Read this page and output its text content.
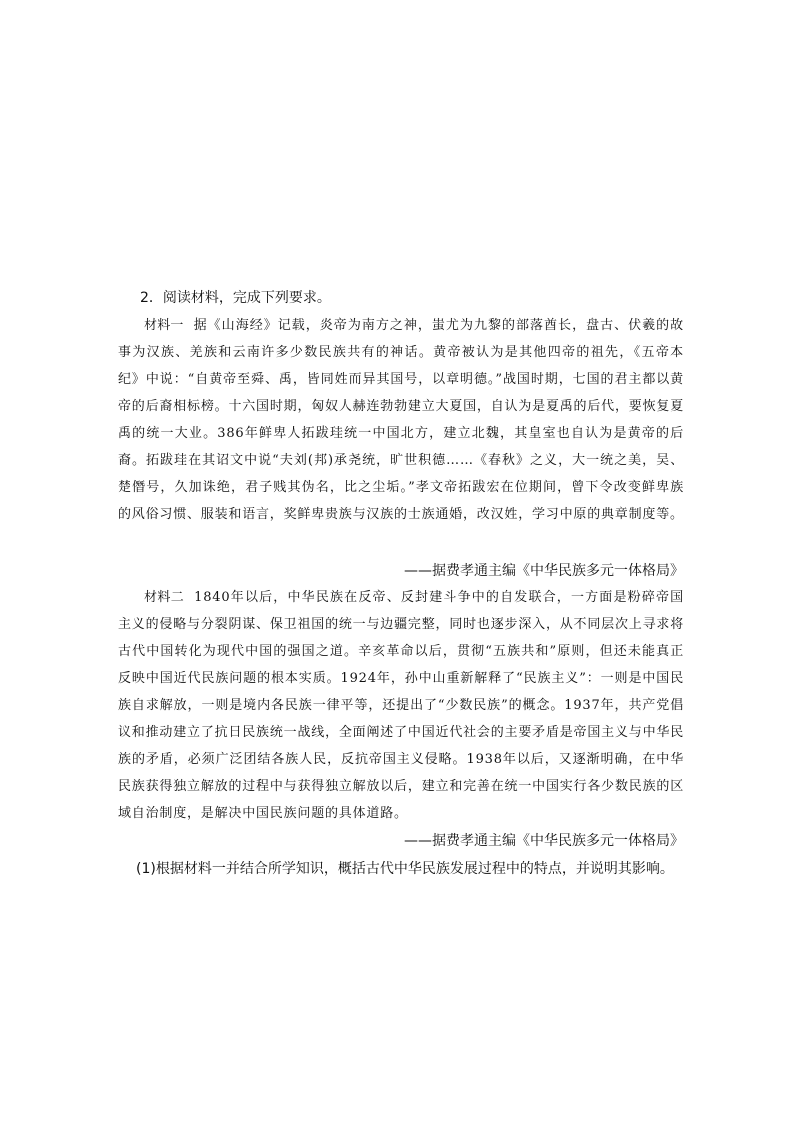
2．阅读材料，完成下列要求。

材料一 据《山海经》记载，炎帝为南方之神，蚩尤为九黎的部落酋长，盘古、伏羲的故事为汉族、羌族和云南许多少数民族共有的神话。黄帝被认为是其他四帝的祖先，《五帝本纪》中说：“自黄帝至舜、禹，皆同姓而异其国号，以章明德。”战国时期，七国的君主都以黄帝的后裔相标榜。十六国时期，匈奴人赫连勃勃建立大夏国，自认为是夏禹的后代，要恢复夏禹的统一大业。386年鲜卑人拓跋珪统一中国北方，建立北魏，其皇室也自认为是黄帝的后裔。拓跋珪在其诏文中说“夫刘(邦)承尧统，旷世积德……《春秋》之义，大一统之美，吴、楚僭号，久加诛绝，君子贱其伪名，比之尘垢。”孝文帝拓跋宏在位期间，曾下令改变鲜卑族的风俗习惯、服装和语言，奖鲜卑贵族与汉族的士族通婚，改汉姓，学习中原的典章制度等。

——据费孝通主编《中华民族多元一体格局》

材料二 1840年以后，中华民族在反帝、反封建斗争中的自发联合，一方面是粉碎帝国主义的侵略与分裂阴谋、保卫祖国的统一与边疆完整，同时也逐步深入，从不同层次上寻求将古代中国转化为现代中国的强国之道。辛亥革命以后，贯彻“五族共和”原则，但还未能真正反映中国近代民族问题的根本实质。1924年，孙中山重新解释了“民族主义”：一则是中国民族自求解放，一则是境内各民族一律平等，还提出了“少数民族”的概念。1937年，共产党倡议和推动建立了抗日民族统一战线，全面阐述了中国近代社会的主要矛盾是帝国主义与中华民族的矛盾，必须广泛团结各族人民，反抗帝国主义侵略。1938年以后，又逐渐明确，在中华民族获得独立解放的过程中与获得独立解放以后，建立和完善在统一中国实行各少数民族的区域自治制度，是解决中国民族问题的具体道路。

——据费孝通主编《中华民族多元一体格局》

(1)根据材料一并结合所学知识，概括古代中华民族发展过程中的特点，并说明其影响。
